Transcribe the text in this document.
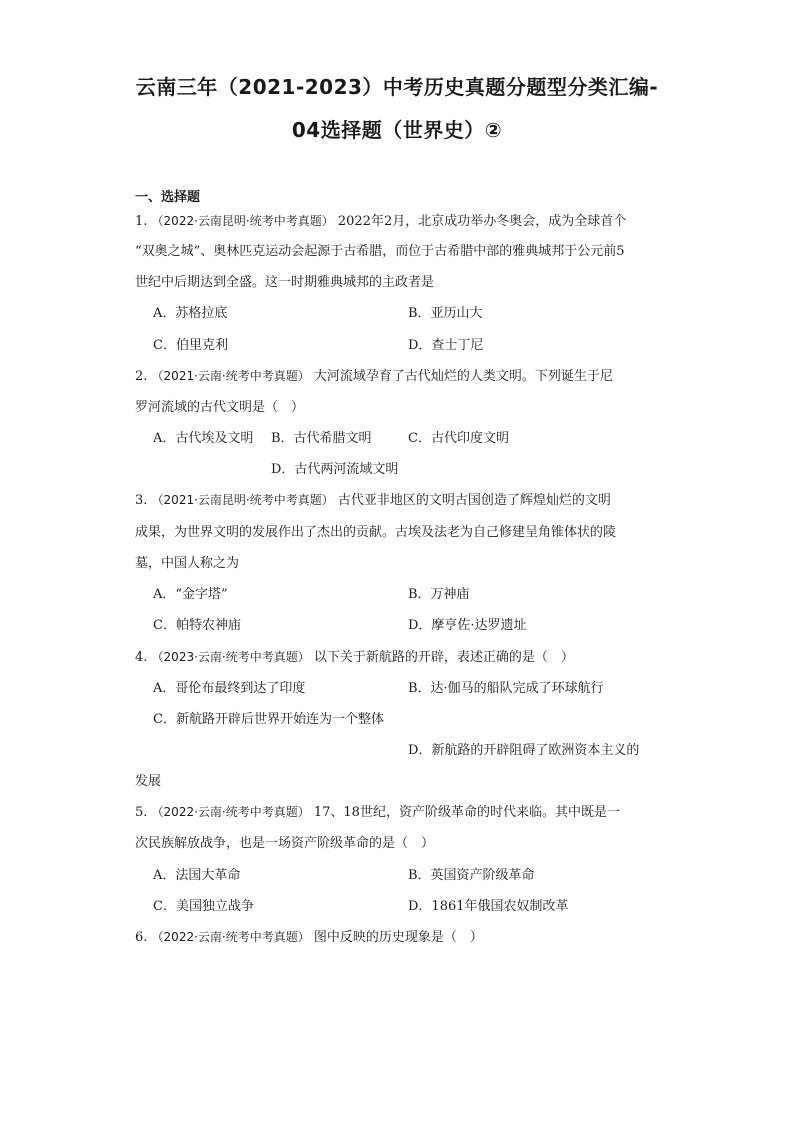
云南三年（2021-2023）中考历史真题分题型分类汇编-
04选择题（世界史）②
一、选择题
1. （2022·云南昆明·统考中考真题） 2022年2月，北京成功举办冬奥会，成为全球首个
“双奥之城”、奥林匹克运动会起源于古希腊，而位于古希腊中部的雅典城邦于公元前5
世纪中后期达到全盛。这一时期雅典城邦的主政者是
A．苏格拉底	B．亚历山大
C．伯里克利	D．查士丁尼
2. （2021·云南·统考中考真题） 大河流域孕育了古代灿烂的人类文明。下列诞生于尼
罗河流域的古代文明是（　）
A．古代埃及文明 B．古代希腊文明	C．古代印度文明
D．古代两河流域文明
3. （2021·云南昆明·统考中考真题） 古代亚非地区的文明古国创造了辉煌灿烂的文明
成果，为世界文明的发展作出了杰出的贡献。古埃及法老为自己修建呈角锥体状的陵
墓，中国人称之为
A．“金字塔”	B．万神庙
C．帕特农神庙	D．摩亨佐·达罗遗址
4. （2023·云南·统考中考真题） 以下关于新航路的开辟，表述正确的是（　）
A．哥伦布最终到达了印度	B．达·伽马的船队完成了环球航行
C．新航路开辟后世界开始连为一个整体
D．新航路的开辟阻碍了欧洲资本主义的
发展
5. （2022·云南·统考中考真题） 17、18世纪，资产阶级革命的时代来临。其中既是一
次民族解放战争，也是一场资产阶级革命的是（　）
A．法国大革命	B．英国资产阶级革命
C．美国独立战争	D．1861年俄国农奴制改革
6. （2022·云南·统考中考真题） 图中反映的历史现象是（　）
